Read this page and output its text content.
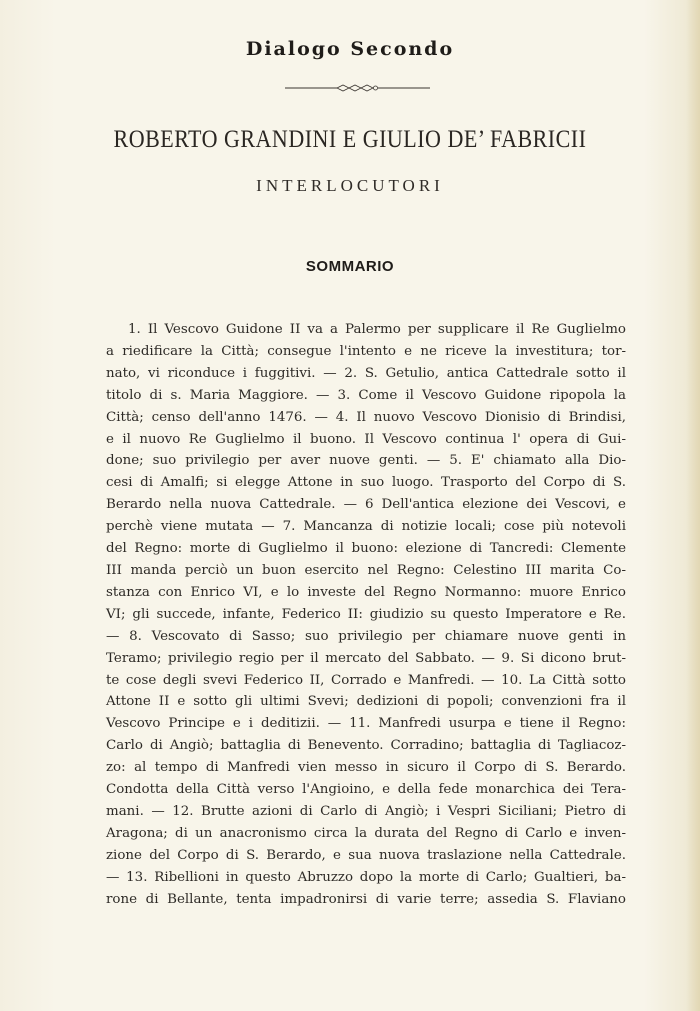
Dialogo Secondo
ROBERTO GRANDINI E GIULIO DE’ FABRICII
INTERLOCUTORI
SOMMARIO
1. Il Vescovo Guidone II va a Palermo per supplicare il Re Guglielmo
a riedificare la Città; consegue l'intento e ne riceve la investitura; tor-
nato, vi riconduce i fuggitivi. — 2. S. Getulio, antica Cattedrale sotto il
titolo di s. Maria Maggiore. — 3. Come il Vescovo Guidone ripopola la
Città; censo dell'anno 1476. — 4. Il nuovo Vescovo Dionisio di Brindisi,
e il nuovo Re Guglielmo il buono. Il Vescovo continua l' opera di Gui-
done; suo privilegio per aver nuove genti. — 5. E' chiamato alla Dio-
cesi di Amalfi; si elegge Attone in suo luogo. Trasporto del Corpo di S.
Berardo nella nuova Cattedrale. — 6 Dell'antica elezione dei Vescovi, e
perchè viene mutata — 7. Mancanza di notizie locali; cose più notevoli
del Regno: morte di Guglielmo il buono: elezione di Tancredi: Clemente
III manda perciò un buon esercito nel Regno: Celestino III marita Co-
stanza con Enrico VI, e lo investe del Regno Normanno: muore Enrico
VI; gli succede, infante, Federico II: giudizio su questo Imperatore e Re.
— 8. Vescovato di Sasso; suo privilegio per chiamare nuove genti in
Teramo; privilegio regio per il mercato del Sabbato. — 9. Si dicono brut-
te cose degli svevi Federico II, Corrado e Manfredi. — 10. La Città sotto
Attone II e sotto gli ultimi Svevi; dedizioni di popoli; convenzioni fra il
Vescovo Principe e i deditizii. — 11. Manfredi usurpa e tiene il Regno:
Carlo di Angiò; battaglia di Benevento. Corradino; battaglia di Tagliacoz-
zo: al tempo di Manfredi vien messo in sicuro il Corpo di S. Berardo.
Condotta della Città verso l'Angioino, e della fede monarchica dei Tera-
mani. — 12. Brutte azioni di Carlo di Angiò; i Vespri Siciliani; Pietro di
Aragona; di un anacronismo circa la durata del Regno di Carlo e inven-
zione del Corpo di S. Berardo, e sua nuova traslazione nella Cattedrale.
— 13. Ribellioni in questo Abruzzo dopo la morte di Carlo; Gualtieri, ba-
rone di Bellante, tenta impadronirsi di varie terre; assedia S. Flaviano
